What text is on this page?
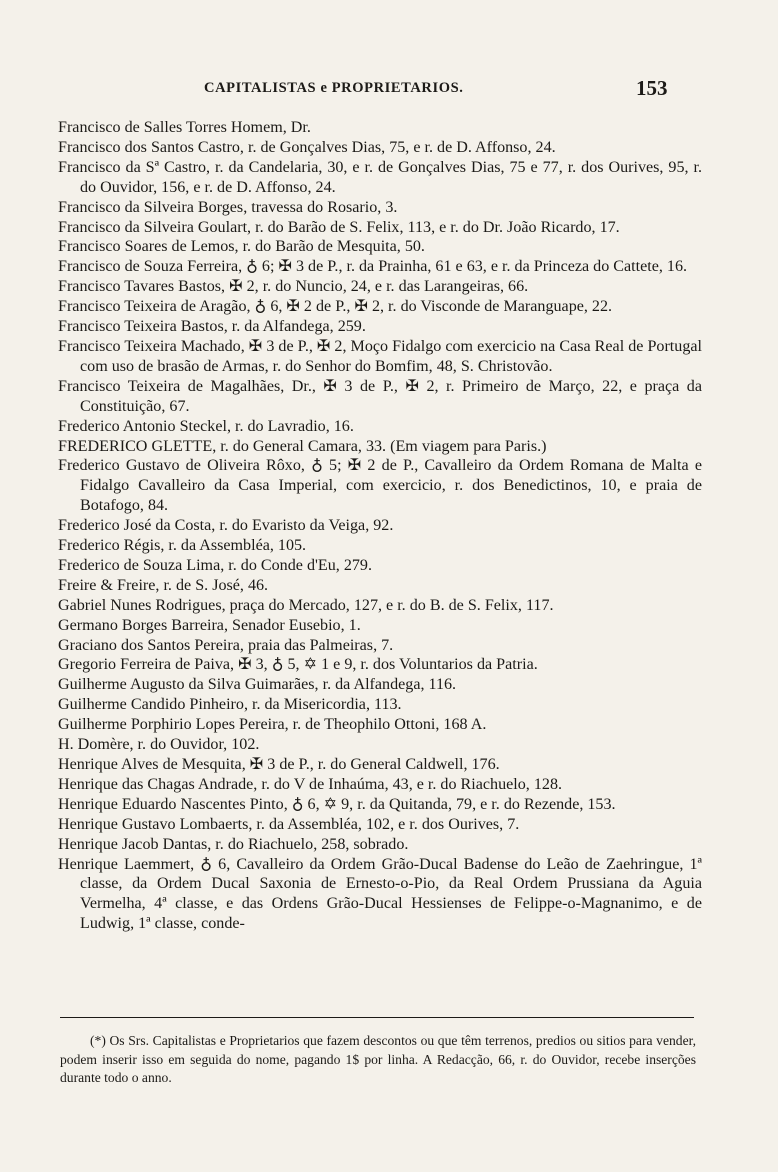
CAPITALISTAS e PROPRIETARIOS.	153
Francisco de Salles Torres Homem, Dr.
Francisco dos Santos Castro, r. de Gonçalves Dias, 75, e r. de D. Affonso, 24.
Francisco da Sª Castro, r. da Candelaria, 30, e r. de Gonçalves Dias, 75 e 77, r. dos Ourives, 95, r. do Ouvidor, 156, e r. de D. Affonso, 24.
Francisco da Silveira Borges, travessa do Rosario, 3.
Francisco da Silveira Goulart, r. do Barão de S. Felix, 113, e r. do Dr. João Ricardo, 17.
Francisco Soares de Lemos, r. do Barão de Mesquita, 50.
Francisco de Souza Ferreira, ♁ 6; ✠ 3 de P., r. da Prainha, 61 e 63, e r. da Princeza do Cattete, 16.
Francisco Tavares Bastos, ✠ 2, r. do Nuncio, 24, e r. das Larangeiras, 66.
Francisco Teixeira de Aragão, ♁ 6, ✠ 2 de P., ✠ 2, r. do Visconde de Maranguape, 22.
Francisco Teixeira Bastos, r. da Alfandega, 259.
Francisco Teixeira Machado, ✠ 3 de P., ✠ 2, Moço Fidalgo com exercicio na Casa Real de Portugal com uso de brasão de Armas, r. do Senhor do Bomfim, 48, S. Christovão.
Francisco Teixeira de Magalhães, Dr., ✠ 3 de P., ✠ 2, r. Primeiro de Março, 22, e praça da Constituição, 67.
Frederico Antonio Steckel, r. do Lavradio, 16.
FREDERICO GLETTE, r. do General Camara, 33. (Em viagem para Paris.)
Frederico Gustavo de Oliveira Rôxo, ♁ 5; ✠ 2 de P., Cavalleiro da Ordem Romana de Malta e Fidalgo Cavalleiro da Casa Imperial, com exercicio, r. dos Benedictinos, 10, e praia de Botafogo, 84.
Frederico José da Costa, r. do Evaristo da Veiga, 92.
Frederico Régis, r. da Assembléa, 105.
Frederico de Souza Lima, r. do Conde d'Eu, 279.
Freire & Freire, r. de S. José, 46.
Gabriel Nunes Rodrigues, praça do Mercado, 127, e r. do B. de S. Felix, 117.
Germano Borges Barreira, Senador Eusebio, 1.
Graciano dos Santos Pereira, praia das Palmeiras, 7.
Gregorio Ferreira de Paiva, ✠ 3, ♁ 5, ✡ 1 e 9, r. dos Voluntarios da Patria.
Guilherme Augusto da Silva Guimarães, r. da Alfandega, 116.
Guilherme Candido Pinheiro, r. da Misericordia, 113.
Guilherme Porphirio Lopes Pereira, r. de Theophilo Ottoni, 168 A.
H. Domère, r. do Ouvidor, 102.
Henrique Alves de Mesquita, ✠ 3 de P., r. do General Caldwell, 176.
Henrique das Chagas Andrade, r. do V de Inhaúma, 43, e r. do Riachuelo, 128.
Henrique Eduardo Nascentes Pinto, ♁ 6, ✡ 9, r. da Quitanda, 79, e r. do Rezende, 153.
Henrique Gustavo Lombaerts, r. da Assembléa, 102, e r. dos Ourives, 7.
Henrique Jacob Dantas, r. do Riachuelo, 258, sobrado.
Henrique Laemmert, ♁ 6, Cavalleiro da Ordem Grão-Ducal Badense do Leão de Zaehringue, 1ª classe, da Ordem Ducal Saxonia de Ernesto-o-Pio, da Real Ordem Prussiana da Aguia Vermelha, 4ª classe, e das Ordens Grão-Ducal Hessienses de Felippe-o-Magnanimo, e de Ludwig, 1ª classe, conde-
(*) Os Srs. Capitalistas e Proprietarios que fazem descontos ou que têm terrenos, predios ou sitios para vender, podem inserir isso em seguida do nome, pagando 1$ por linha. A Redacção, 66, r. do Ouvidor, recebe inserções durante todo o anno.
